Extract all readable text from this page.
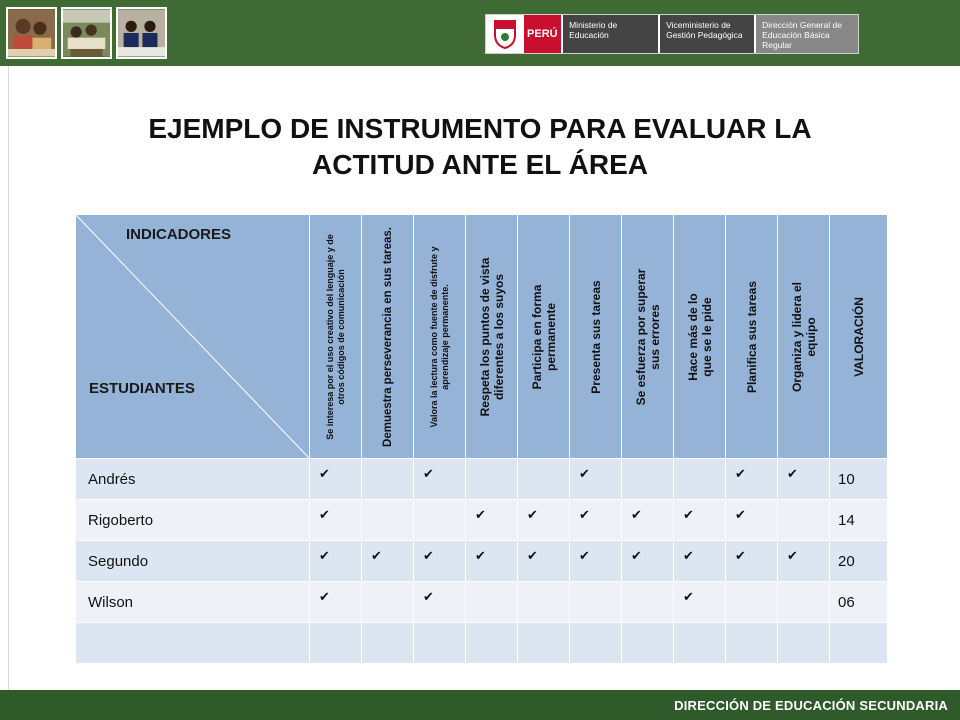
PERÚ
Ministerio de Educación
Viceministerio de Gestión Pedagógica
Dirección General de Educación Básica Regular
EJEMPLO DE INSTRUMENTO PARA EVALUAR LA
ACTITUD ANTE EL ÁREA
INDICADORES
ESTUDIANTES	Se interesa por el uso creativo del lenguaje y de otros códigos de comunicación	Demuestra perseverancia en sus tareas.	Valora la lectura como fuente de disfrute y aprendizaje permanente.	Respeta los puntos de vista diferentes a los suyos	Participa en forma permanente	Presenta sus tareas	Se esfuerza por superar sus errores	Hace más de lo que se le pide	Planifica sus tareas	Organiza y lidera el equipo	VALORACIÓN

Andrés	✔		✔			✔			✔	✔	10
Rigoberto	✔			✔	✔	✔	✔	✔	✔		14
Segundo	✔	✔	✔	✔	✔	✔	✔	✔	✔	✔	20
Wilson	✔		✔					✔			06

DIRECCIÓN DE EDUCACIÓN SECUNDARIA
